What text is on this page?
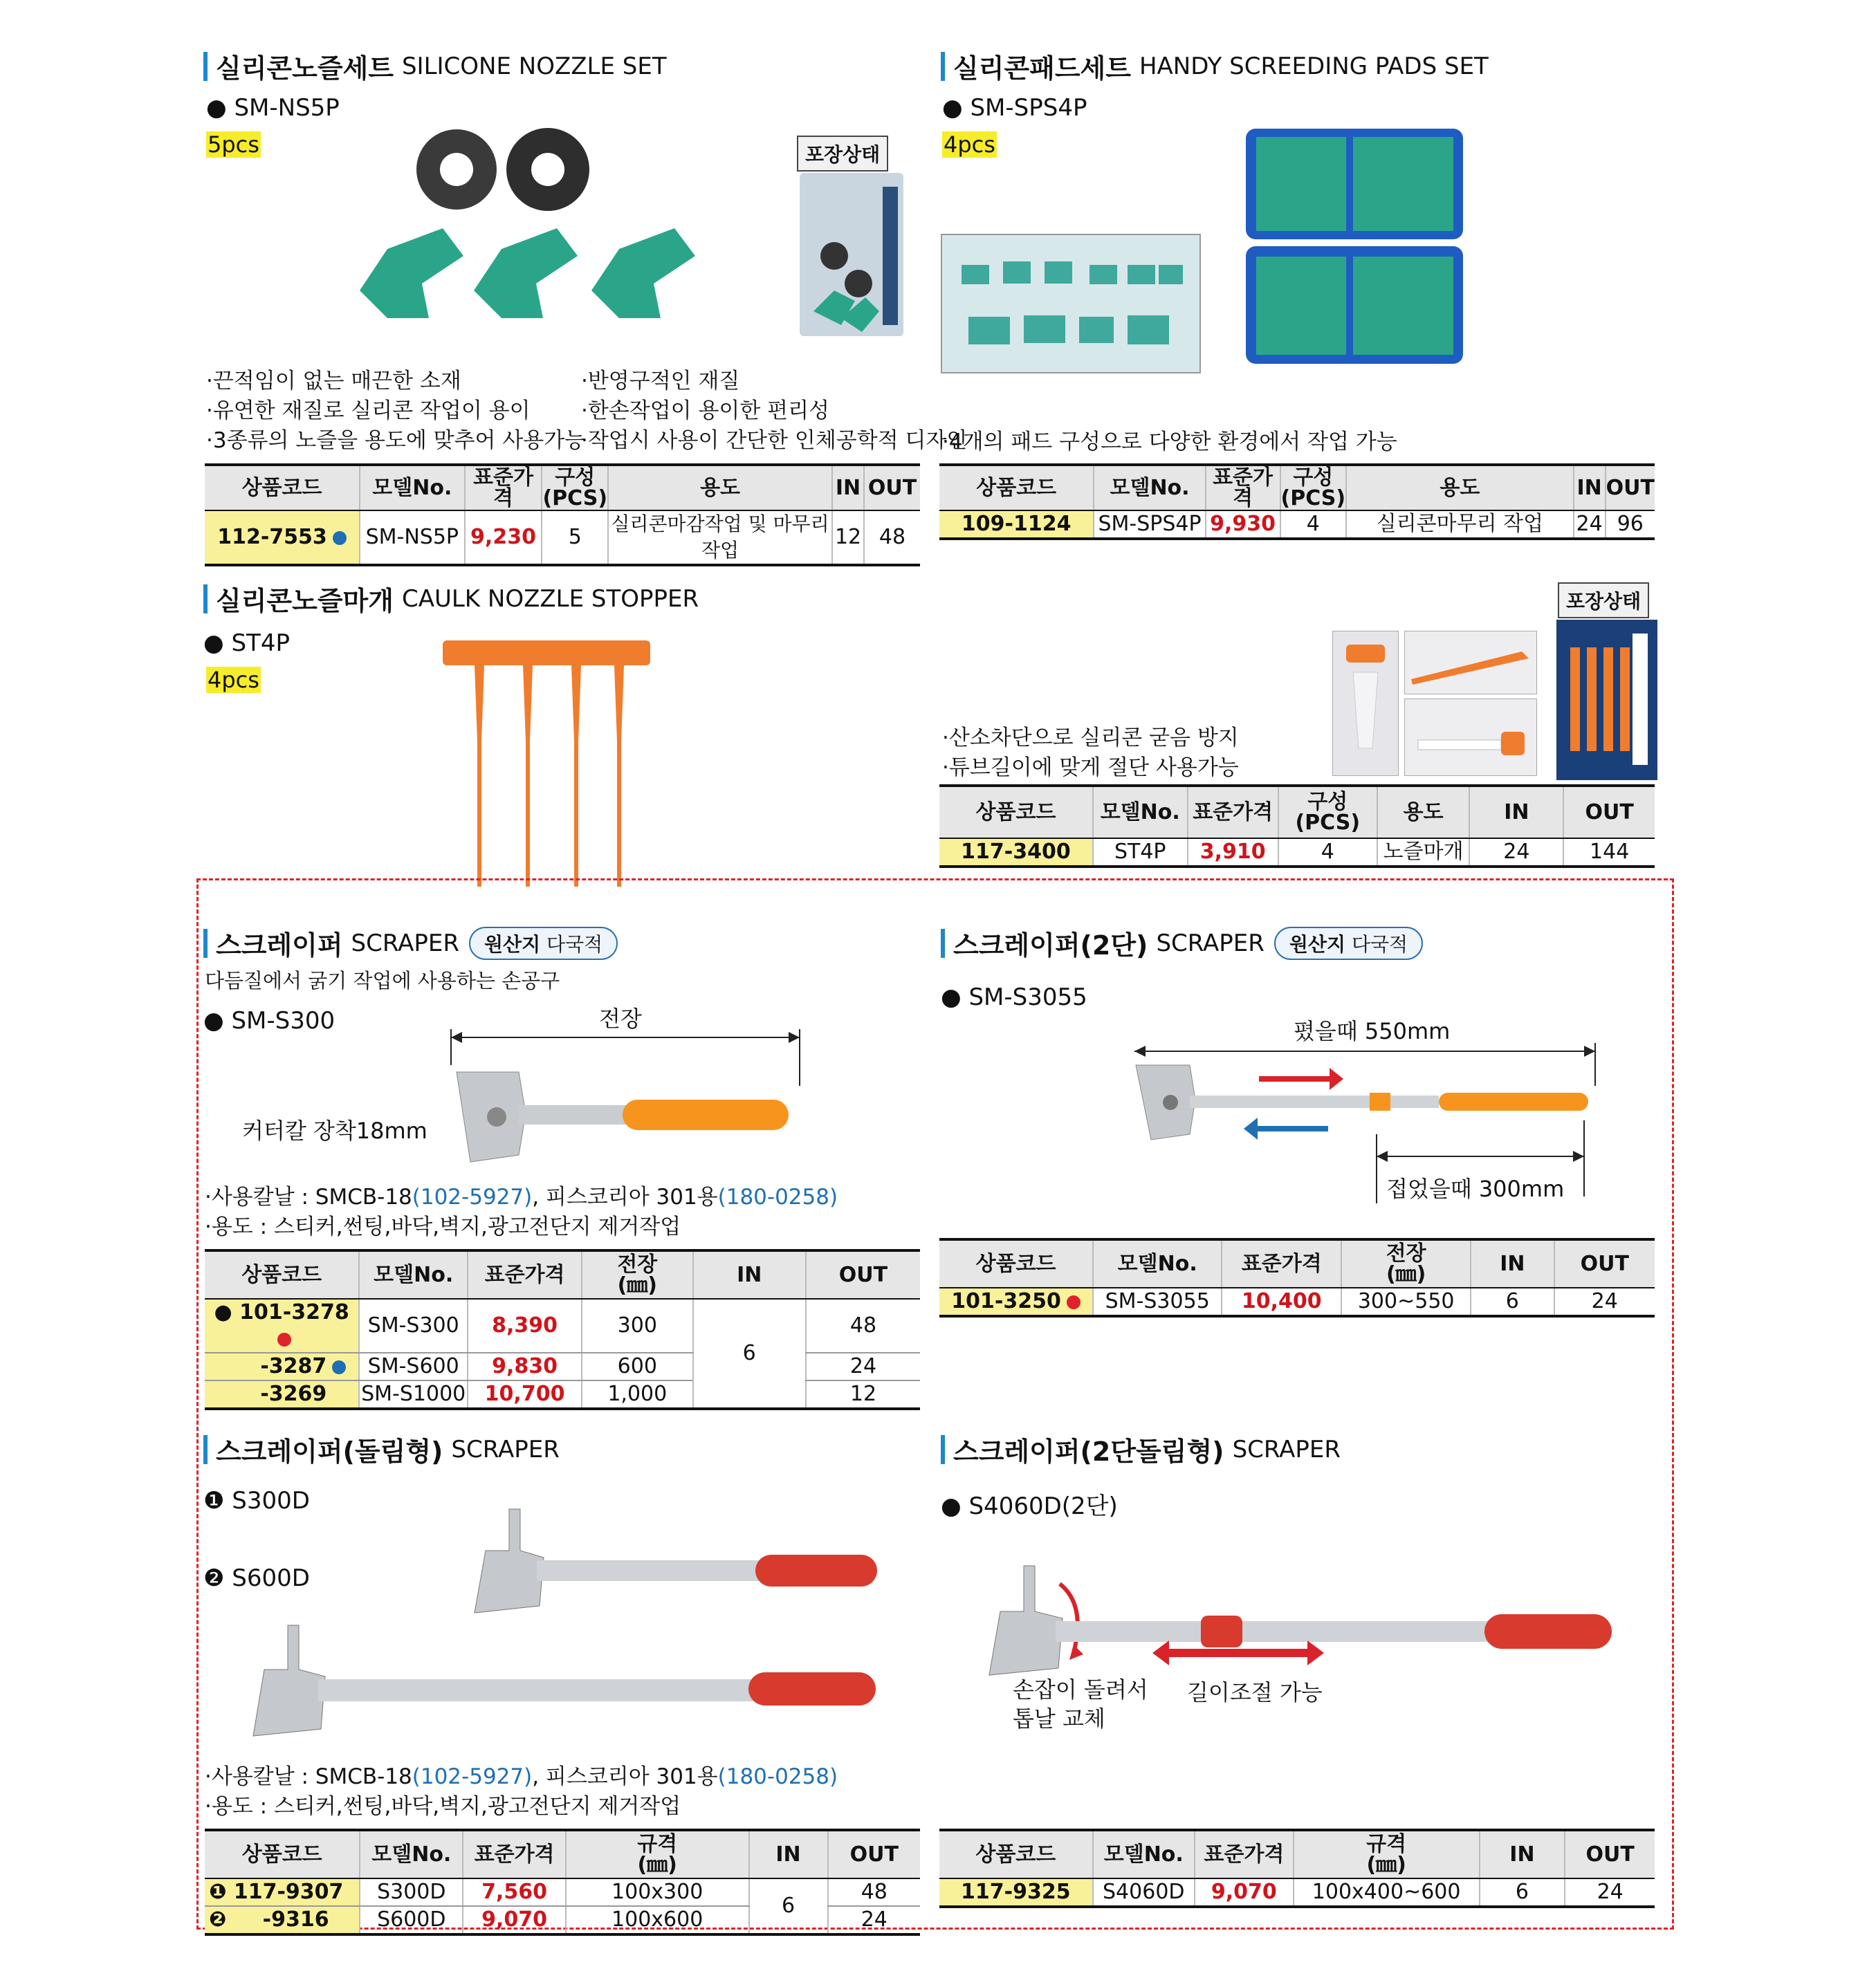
실리콘노즐세트 SILICONE NOZZLE SET
● SM-NS5P
5pcs	포장상태
·끈적임이 없는 매끈한 소재
·유연한 재질로 실리콘 작업이 용이
·3종류의 노즐을 용도에 맞추어 사용가능
·반영구적인 재질
·한손작업이 용이한 편리성
·작업시 사용이 간단한 인체공학적 디자인
상품코드	모델No.	표준가격	구성
(PCS)	용도	IN	OUT
112-7553	SM-NS5P	9,230	5	실리콘마감작업 및 마무리작업	12	48
실리콘패드세트 HANDY SCREEDING PADS SET
● SM-SPS4P
4pcs
·4개의 패드 구성으로 다양한 환경에서 작업 가능
상품코드	모델No.	표준가격	구성
(PCS)	용도	IN	OUT
109-1124	SM-SPS4P	9,930	4	실리콘마무리 작업	24	96
실리콘노즐마개 CAULK NOZZLE STOPPER
● ST4P
4pcs
포장상태
·산소차단으로 실리콘 굳음 방지
·튜브길이에 맞게 절단 사용가능
상품코드	모델No.	표준가격	구성
(PCS)	용도	IN	OUT
117-3400	ST4P	3,910	4	노즐마개	24	144
스크레이퍼 SCRAPER	원산지 다국적
다듬질에서 굵기 작업에 사용하는 손공구
● SM-S300	전장
커터칼 장착18mm
·사용칼날 : SMCB-18(102-5927), 피스코리아 301용(180-0258)
·용도 : 스티커,썬팅,바닥,벽지,광고전단지 제거작업
상품코드	모델No.	표준가격	전장
(㎜)	IN	OUT
● 101-3278	SM-S300	8,390	300	6	48
-3287	SM-S600	9,830	600		24
-3269	SM-S1000	10,700	1,000		12
스크레이퍼(2단) SCRAPER	원산지 다국적
● SM-S3055
폈을때 550mm
접었을때 300mm
상품코드	모델No.	표준가격	전장
(㎜)	IN	OUT
101-3250	SM-S3055	10,400	300~550	6	24
스크레이퍼(돌림형) SCRAPER
❶ S300D
❷ S600D
·사용칼날 : SMCB-18(102-5927), 피스코리아 301용(180-0258)
·용도 : 스티커,썬팅,바닥,벽지,광고전단지 제거작업
상품코드	모델No.	표준가격	규격
(㎜)	IN	OUT
❶ 117-9307	S300D	7,560	100x300	6	48
❷     -9316	S600D	9,070	100x600		24
스크레이퍼(2단돌림형) SCRAPER
● S4060D(2단)
손잡이 돌려서
톱날 교체
길이조절 가능
상품코드	모델No.	표준가격	규격
(㎜)	IN	OUT
117-9325	S4060D	9,070	100x400~600	6	24
